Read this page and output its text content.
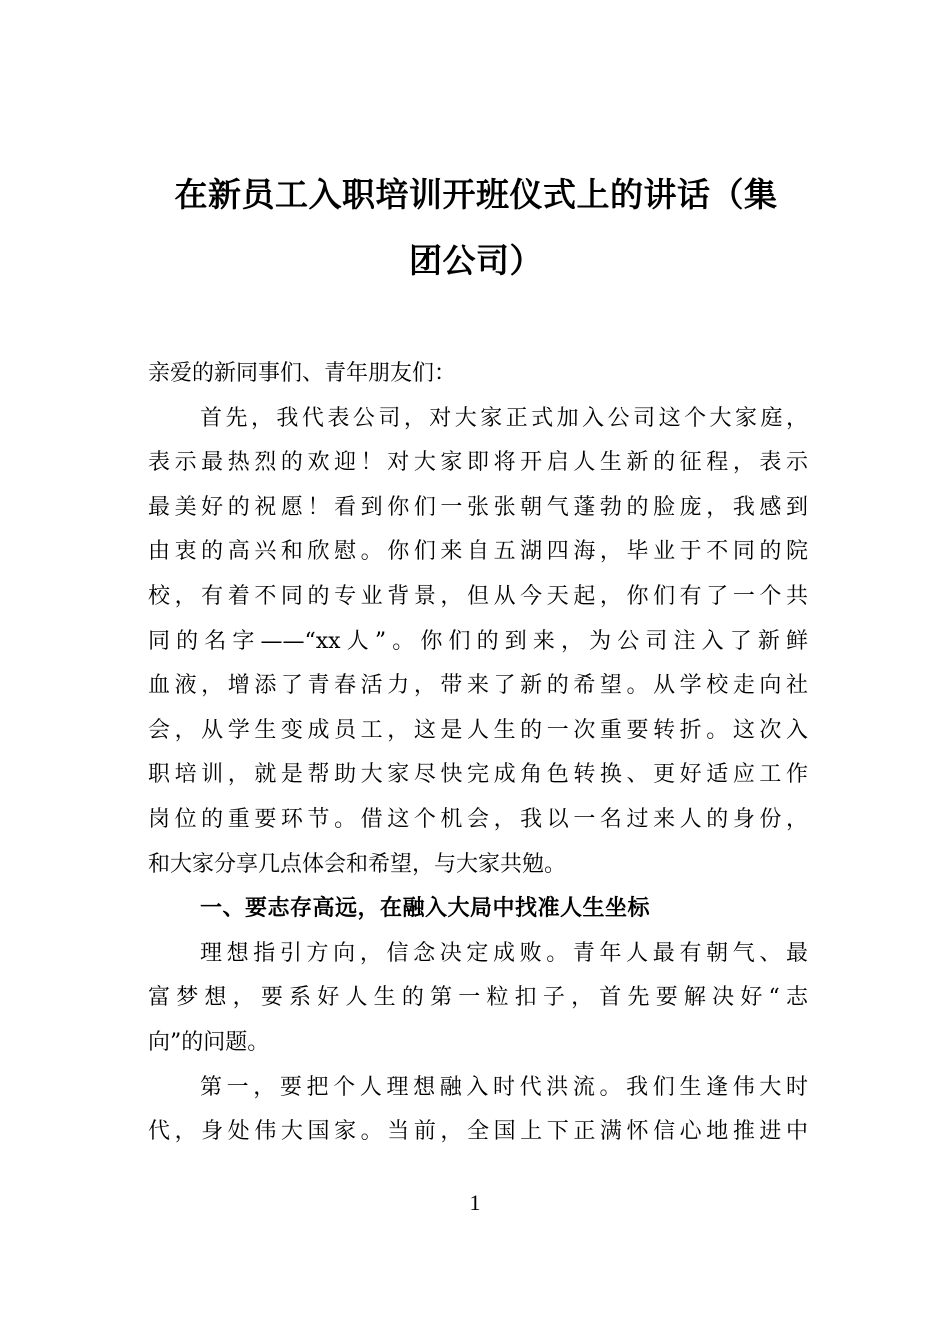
在新员工入职培训开班仪式上的讲话（集
团公司）
亲爱的新同事们、青年朋友们：
首先，我代表公司，对大家正式加入公司这个大家庭，
表示最热烈的欢迎！对大家即将开启人生新的征程，表示
最美好的祝愿！看到你们一张张朝气蓬勃的脸庞，我感到
由衷的高兴和欣慰。你们来自五湖四海，毕业于不同的院
校，有着不同的专业背景，但从今天起，你们有了一个共
同的名字——“xx人”。你们的到来，为公司注入了新鲜
血液，增添了青春活力，带来了新的希望。从学校走向社
会，从学生变成员工，这是人生的一次重要转折。这次入
职培训，就是帮助大家尽快完成角色转换、更好适应工作
岗位的重要环节。借这个机会，我以一名过来人的身份，
和大家分享几点体会和希望，与大家共勉。
一、要志存高远，在融入大局中找准人生坐标
理想指引方向，信念决定成败。青年人最有朝气、最
富梦想，要系好人生的第一粒扣子，首先要解决好“志
向”的问题。
第一，要把个人理想融入时代洪流。我们生逢伟大时
代，身处伟大国家。当前，全国上下正满怀信心地推进中
1
